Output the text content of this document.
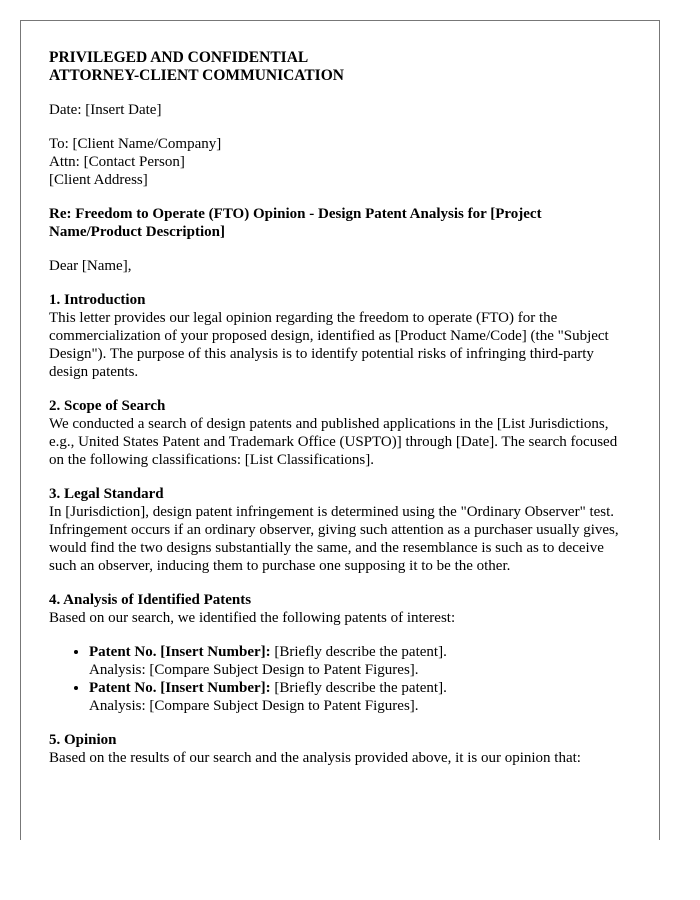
PRIVILEGED AND CONFIDENTIAL
ATTORNEY-CLIENT COMMUNICATION
Date: [Insert Date]
To: [Client Name/Company]
Attn: [Contact Person]
[Client Address]
Re: Freedom to Operate (FTO) Opinion - Design Patent Analysis for [Project Name/Product Description]
Dear [Name],
1. Introduction
This letter provides our legal opinion regarding the freedom to operate (FTO) for the commercialization of your proposed design, identified as [Product Name/Code] (the "Subject Design"). The purpose of this analysis is to identify potential risks of infringing third-party design patents.
2. Scope of Search
We conducted a search of design patents and published applications in the [List Jurisdictions, e.g., United States Patent and Trademark Office (USPTO)] through [Date]. The search focused on the following classifications: [List Classifications].
3. Legal Standard
In [Jurisdiction], design patent infringement is determined using the "Ordinary Observer" test. Infringement occurs if an ordinary observer, giving such attention as a purchaser usually gives, would find the two designs substantially the same, and the resemblance is such as to deceive such an observer, inducing them to purchase one supposing it to be the other.
4. Analysis of Identified Patents
Based on our search, we identified the following patents of interest:
• Patent No. [Insert Number]: [Briefly describe the patent].
Analysis: [Compare Subject Design to Patent Figures].
• Patent No. [Insert Number]: [Briefly describe the patent].
Analysis: [Compare Subject Design to Patent Figures].
5. Opinion
Based on the results of our search and the analysis provided above, it is our opinion that:
